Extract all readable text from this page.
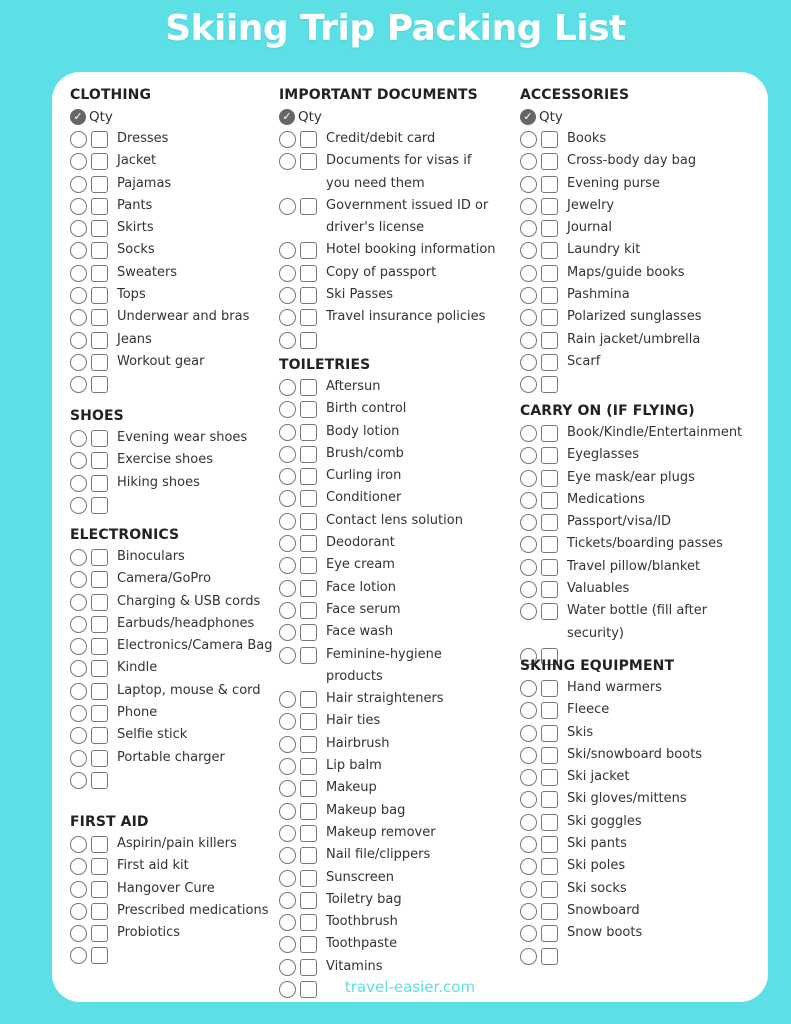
Skiing Trip Packing List
CLOTHING
✓ Qty
Dresses
Jacket
Pajamas
Pants
Skirts
Socks
Sweaters
Tops
Underwear and bras
Jeans
Workout gear
SHOES
Evening wear shoes
Exercise shoes
Hiking shoes
ELECTRONICS
Binoculars
Camera/GoPro
Charging & USB cords
Earbuds/headphones
Electronics/Camera Bag
Kindle
Laptop, mouse & cord
Phone
Selfie stick
Portable charger
FIRST AID
Aspirin/pain killers
First aid kit
Hangover Cure
Prescribed medications
Probiotics
IMPORTANT DOCUMENTS
✓ Qty
Credit/debit card
Documents for visas if you need them
Government issued ID or driver's license
Hotel booking information
Copy of passport
Ski Passes
Travel insurance policies
TOILETRIES
Aftersun
Birth control
Body lotion
Brush/comb
Curling iron
Conditioner
Contact lens solution
Deodorant
Eye cream
Face lotion
Face serum
Face wash
Feminine-hygiene products
Hair straighteners
Hair ties
Hairbrush
Lip balm
Makeup
Makeup bag
Makeup remover
Nail file/clippers
Sunscreen
Toiletry bag
Toothbrush
Toothpaste
Vitamins
ACCESSORIES
✓ Qty
Books
Cross-body day bag
Evening purse
Jewelry
Journal
Laundry kit
Maps/guide books
Pashmina
Polarized sunglasses
Rain jacket/umbrella
Scarf
CARRY ON (IF FLYING)
Book/Kindle/Entertainment
Eyeglasses
Eye mask/ear plugs
Medications
Passport/visa/ID
Tickets/boarding passes
Travel pillow/blanket
Valuables
Water bottle (fill after security)
SKIING EQUIPMENT
Hand warmers
Fleece
Skis
Ski/snowboard boots
Ski jacket
Ski gloves/mittens
Ski goggles
Ski pants
Ski poles
Ski socks
Snowboard
Snow boots
travel-easier.com
